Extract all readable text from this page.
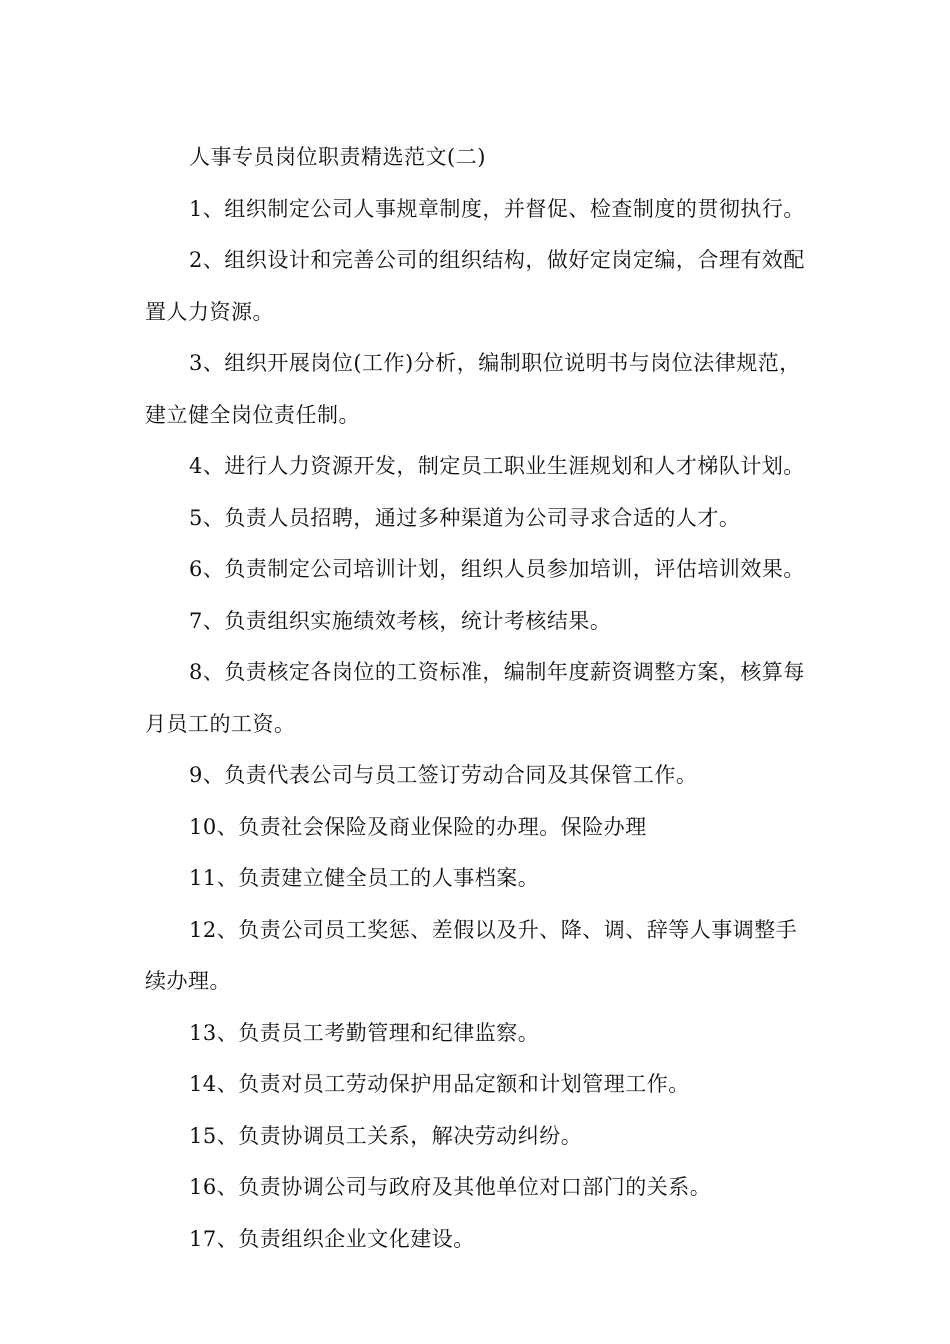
人事专员岗位职责精选范文(二)

1、组织制定公司人事规章制度，并督促、检查制度的贯彻执行。

2、组织设计和完善公司的组织结构，做好定岗定编，合理有效配置人力资源。

3、组织开展岗位(工作)分析，编制职位说明书与岗位法律规范，建立健全岗位责任制。

4、进行人力资源开发，制定员工职业生涯规划和人才梯队计划。

5、负责人员招聘，通过多种渠道为公司寻求合适的人才。

6、负责制定公司培训计划，组织人员参加培训，评估培训效果。

7、负责组织实施绩效考核，统计考核结果。

8、负责核定各岗位的工资标准，编制年度薪资调整方案，核算每月员工的工资。

9、负责代表公司与员工签订劳动合同及其保管工作。

10、负责社会保险及商业保险的办理。保险办理

11、负责建立健全员工的人事档案。

12、负责公司员工奖惩、差假以及升、降、调、辞等人事调整手续办理。

13、负责员工考勤管理和纪律监察。

14、负责对员工劳动保护用品定额和计划管理工作。

15、负责协调员工关系，解决劳动纠纷。

16、负责协调公司与政府及其他单位对口部门的关系。

17、负责组织企业文化建设。
